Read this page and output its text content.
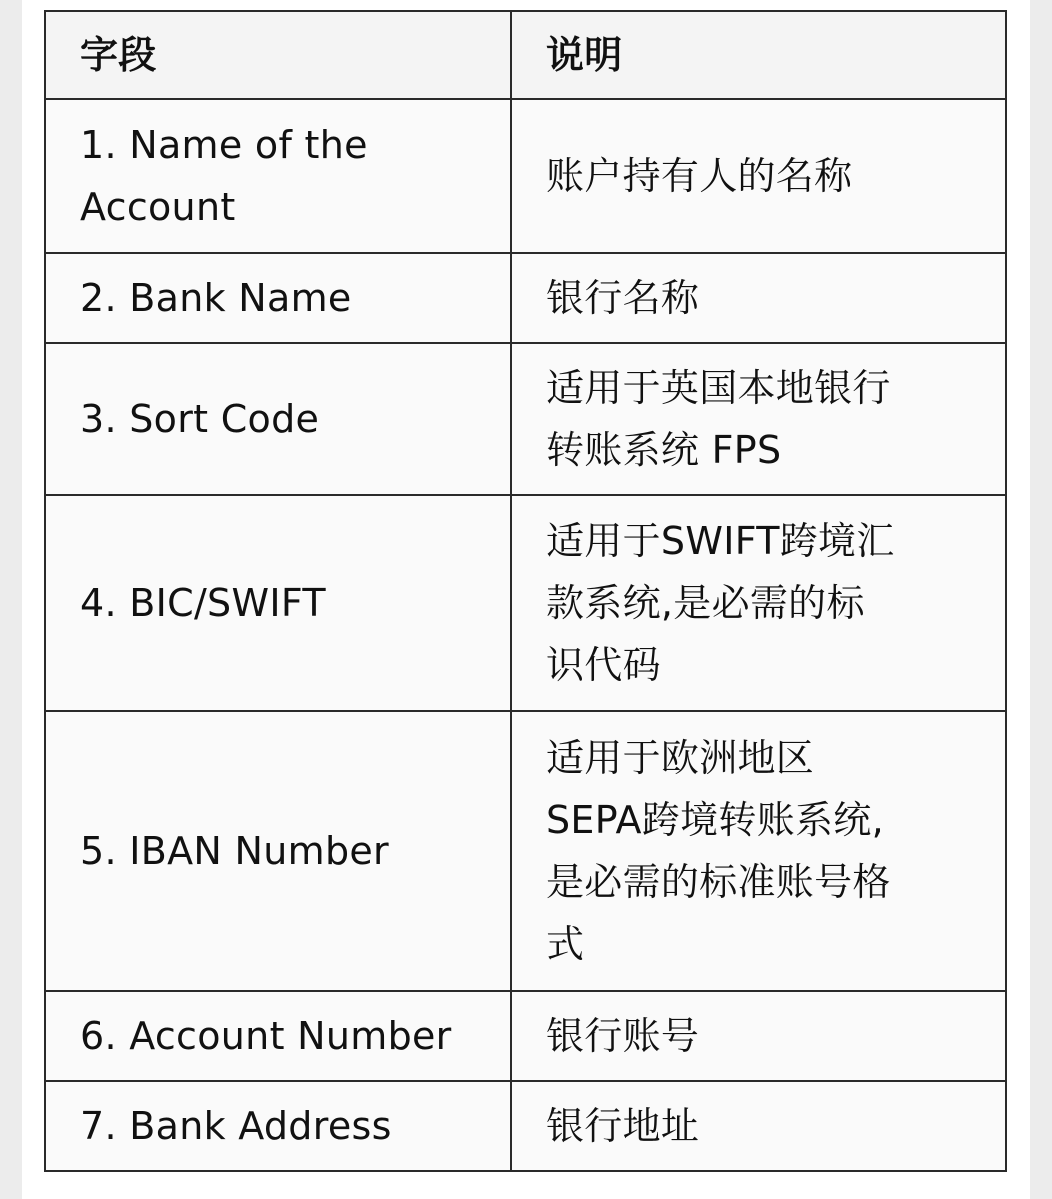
字段	说明

1. Name of the
Account	账户持有人的名称

2. Bank Name	银行名称

3. Sort Code	适用于英国本地银行
转账系统 FPS

4. BIC/SWIFT	适用于SWIFT跨境汇
款系统,是必需的标
识代码

5. IBAN Number	适用于欧洲地区
SEPA跨境转账系统,
是必需的标准账号格
式

6. Account Number	银行账号

7. Bank Address	银行地址
